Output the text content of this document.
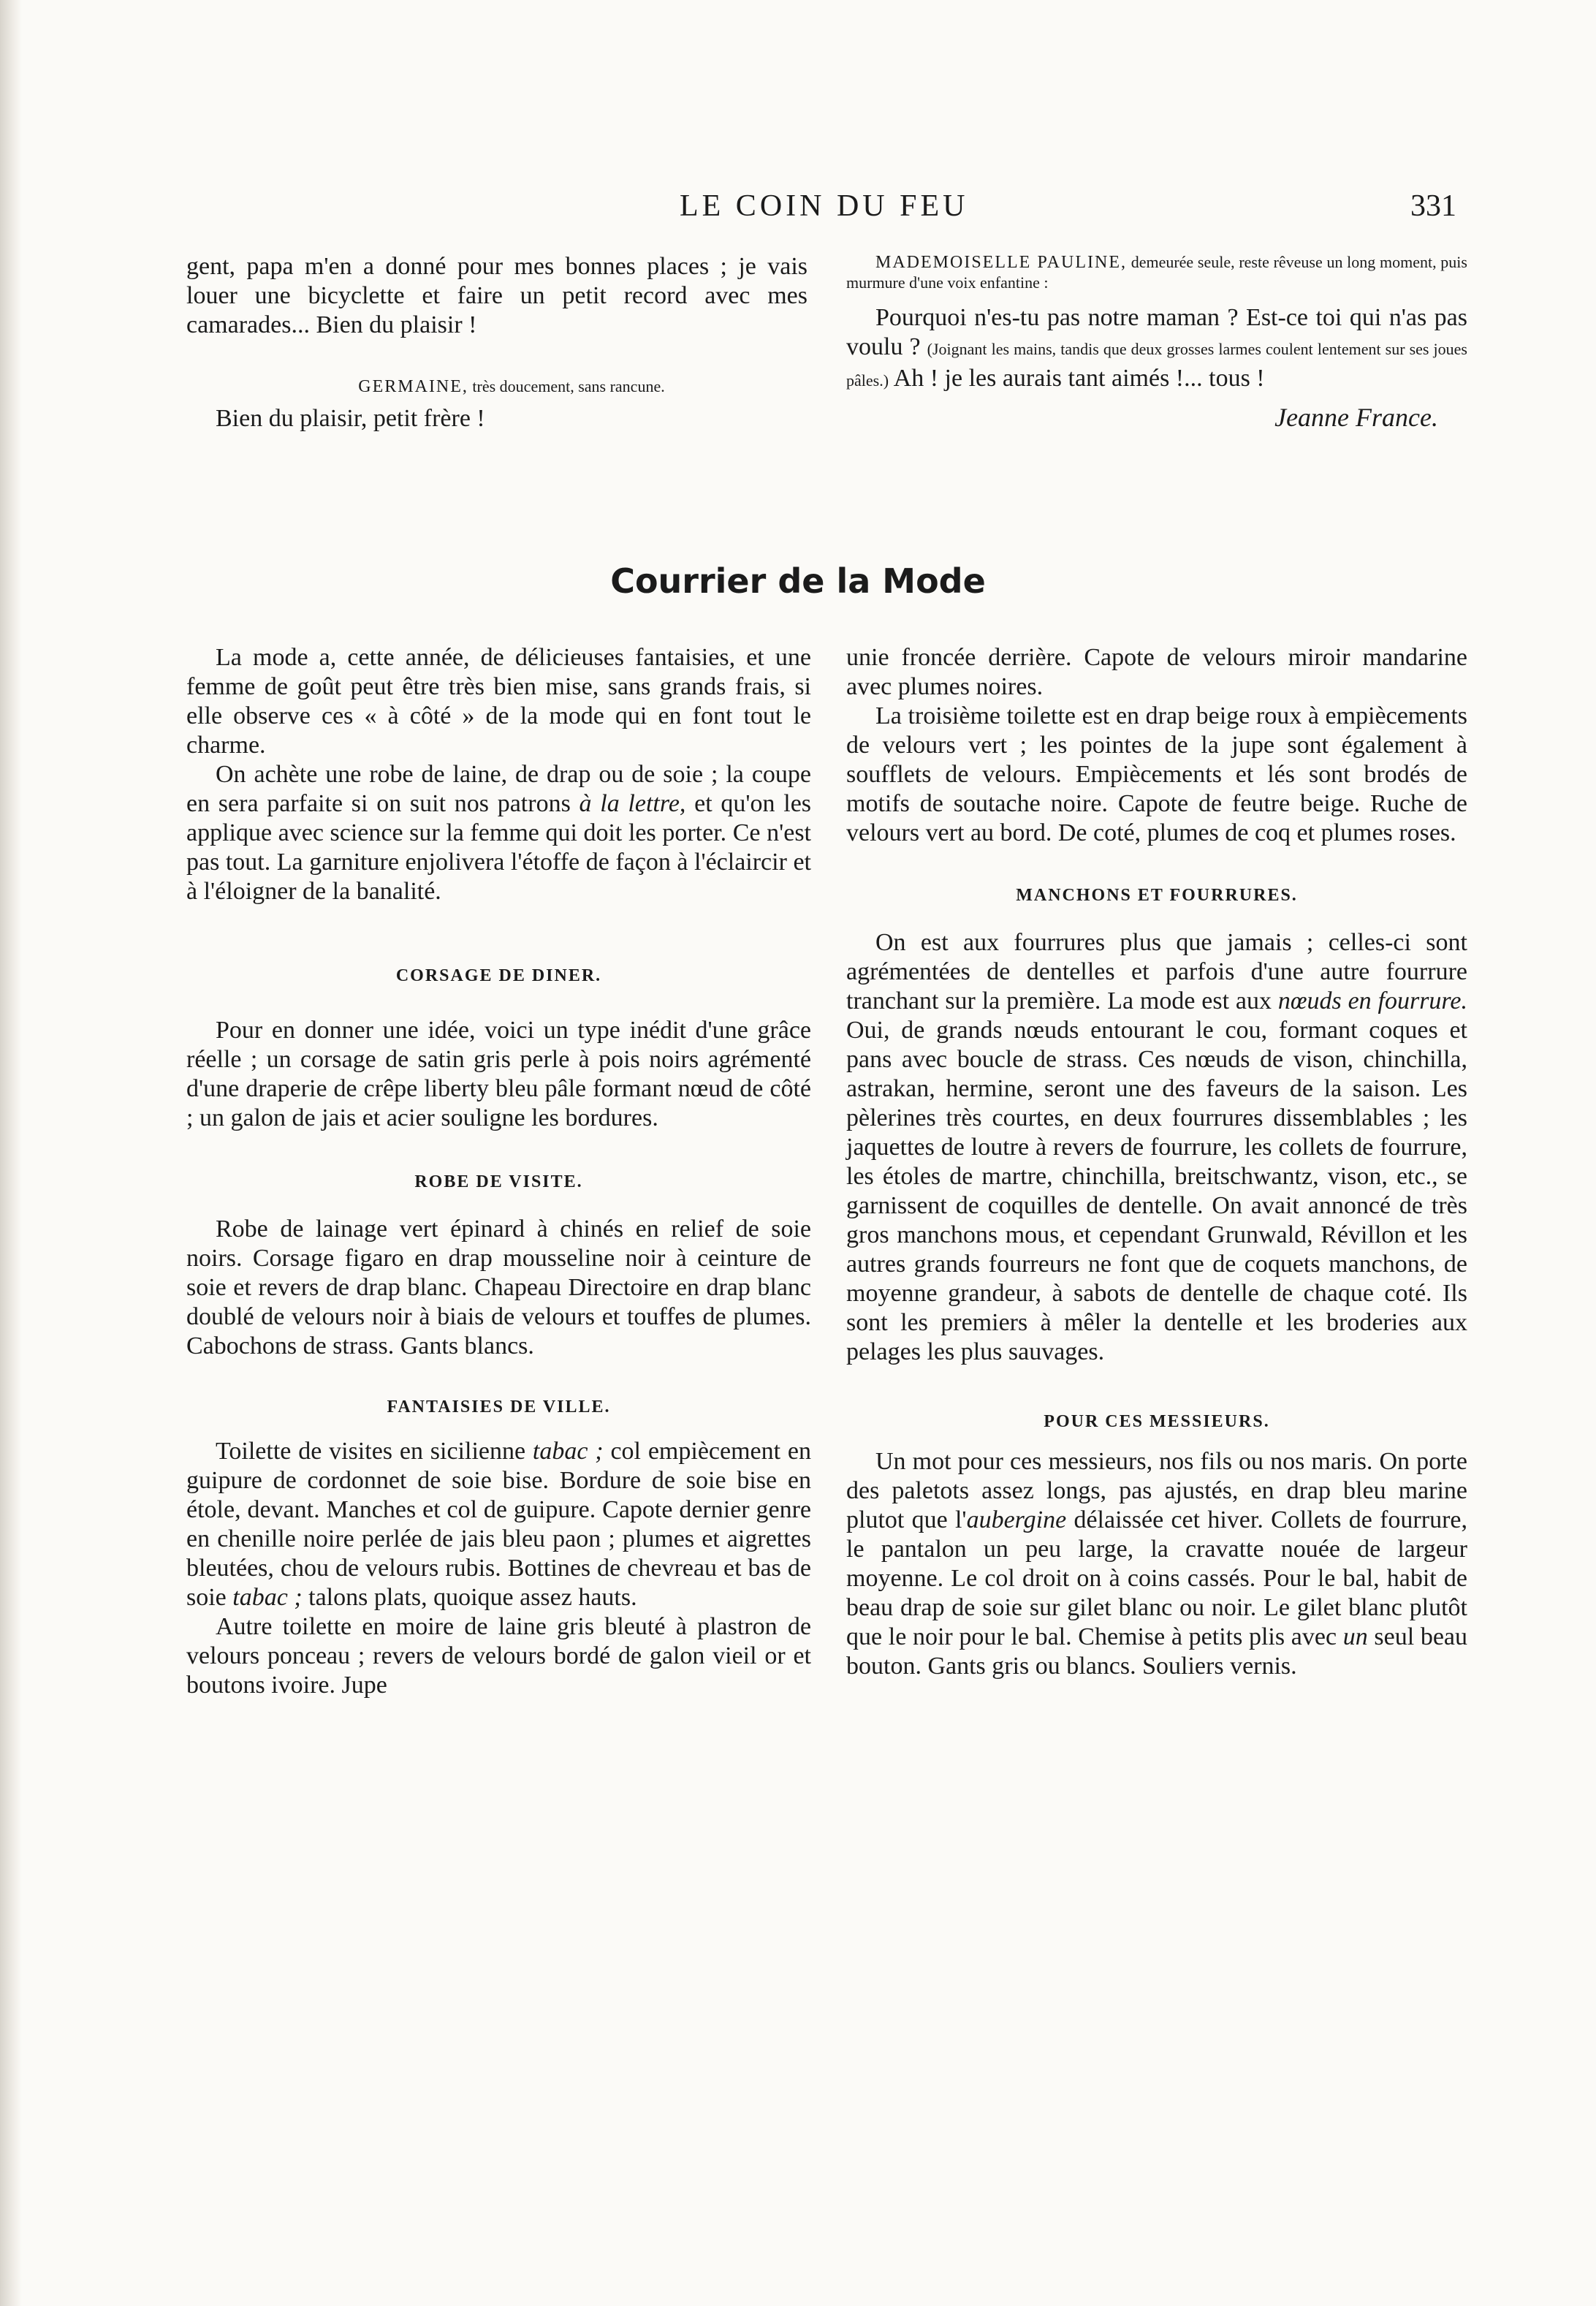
LE COIN DU FEU	331

gent, papa m'en a donné pour mes bonnes places ; je vais louer une bicyclette et faire un petit record avec mes camarades... Bien du plaisir !

GERMAINE, très doucement, sans rancune.

Bien du plaisir, petit frère !

MADEMOISELLE PAULINE, demeurée seule, reste rêveuse un long moment, puis murmure d'une voix enfantine :

Pourquoi n'es-tu pas notre maman ? Est-ce toi qui n'as pas voulu ? (Joignant les mains, tandis que deux grosses larmes coulent lentement sur ses joues pâles.) Ah ! je les aurais tant aimés !... tous !

Jeanne France.
Courrier de la Mode

La mode a, cette année, de délicieuses fantaisies, et une femme de goût peut être très bien mise, sans grands frais, si elle observe ces « à côté » de la mode qui en font tout le charme.

On achète une robe de laine, de drap ou de soie ; la coupe en sera parfaite si on suit nos patrons à la lettre, et qu'on les applique avec science sur la femme qui doit les porter. Ce n'est pas tout. La garniture enjolivera l'étoffe de façon à l'éclaircir et à l'éloigner de la banalité.

CORSAGE DE DINER.

Pour en donner une idée, voici un type inédit d'une grâce réelle ; un corsage de satin gris perle à pois noirs agrémenté d'une draperie de crêpe liberty bleu pâle formant nœud de côté ; un galon de jais et acier souligne les bordures.

ROBE DE VISITE.

Robe de lainage vert épinard à chinés en relief de soie noirs. Corsage figaro en drap mousseline noir à ceinture de soie et revers de drap blanc. Chapeau Directoire en drap blanc doublé de velours noir à biais de velours et touffes de plumes. Cabochons de strass. Gants blancs.

FANTAISIES DE VILLE.

Toilette de visites en sicilienne tabac ; col empiècement en guipure de cordonnet de soie bise. Bordure de soie bise en étole, devant. Manches et col de guipure. Capote dernier genre en chenille noire perlée de jais bleu paon ; plumes et aigrettes bleutées, chou de velours rubis. Bottines de chevreau et bas de soie tabac ; talons plats, quoique assez hauts.

Autre toilette en moire de laine gris bleuté à plastron de velours ponceau ; revers de velours bordé de galon vieil or et boutons ivoire. Jupe

unie froncée derrière. Capote de velours miroir mandarine avec plumes noires.

La troisième toilette est en drap beige roux à empiècements de velours vert ; les pointes de la jupe sont également à soufflets de velours. Empiècements et lés sont brodés de motifs de soutache noire. Capote de feutre beige. Ruche de velours vert au bord. De coté, plumes de coq et plumes roses.

MANCHONS ET FOURRURES.

On est aux fourrures plus que jamais ; celles-ci sont agrémentées de dentelles et parfois d'une autre fourrure tranchant sur la première. La mode est aux nœuds en fourrure. Oui, de grands nœuds entourant le cou, formant coques et pans avec boucle de strass. Ces nœuds de vison, chinchilla, astrakan, hermine, seront une des faveurs de la saison. Les pèlerines très courtes, en deux fourrures dissemblables ; les jaquettes de loutre à revers de fourrure, les collets de fourrure, les étoles de martre, chinchilla, breitschwantz, vison, etc., se garnissent de coquilles de dentelle. On avait annoncé de très gros manchons mous, et cependant Grunwald, Révillon et les autres grands fourreurs ne font que de coquets manchons, de moyenne grandeur, à sabots de dentelle de chaque coté. Ils sont les premiers à mêler la dentelle et les broderies aux pelages les plus sauvages.

POUR CES MESSIEURS.

Un mot pour ces messieurs, nos fils ou nos maris. On porte des paletots assez longs, pas ajustés, en drap bleu marine plutot que l'aubergine délaissée cet hiver. Collets de fourrure, le pantalon un peu large, la cravatte nouée de largeur moyenne. Le col droit on à coins cassés. Pour le bal, habit de beau drap de soie sur gilet blanc ou noir. Le gilet blanc plutôt que le noir pour le bal. Chemise à petits plis avec un seul beau bouton. Gants gris ou blancs. Souliers vernis.
